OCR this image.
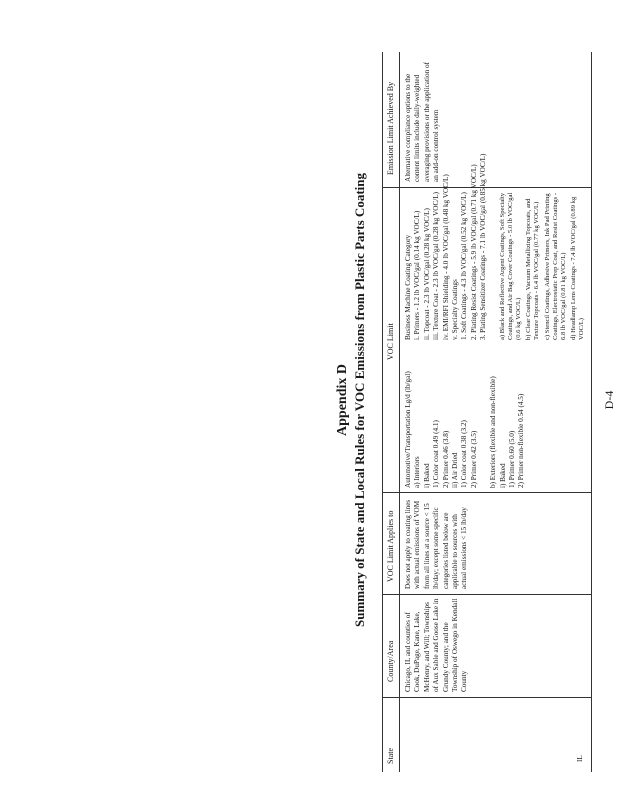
Appendix D Summary of State and Local Rules for VOC Emissions from Plastic Parts Coating
State
County/Area
VOC Limit Applies to
VOC Limit
Emission Limit Achieved By
IL
Chicago, IL and counties of Cook, DuPage, Kane, Lake, McHenry, and Will; Townships of Aux Sable and Goose Lake in Grundy County; and the Township of Oswego in Kendall County
Does not apply to coating lines with actual emissions of VOM from all lines at a source < 15 lb/day; except some specific categories listed below are applicable to sources with actual emissions < 15 lb/day
Automotive/Transportation Lg/d (lb/gal) a) Interiors i) Baked 1) Color coat 0.49 (4.1) 2) Primer 0.46 (3.8) ii) Air Dried 1) Color coat 0.38 (3.2) 2) Primer 0.42 (3.5) b) Exteriors (flexible and non-flexible) i) Baked 1) Primer 0.60 (5.0) 2) Primer non-flexible 0.54 (4.5)
Alternative compliance options to the content limits include daily-weighted averaging provisions or the application of an add-on control system
D-4
a) Black and Reflective Argent Coatings, Soft Specialty Coatings, and Air Bag Cover Coatings - 5.0 lb VOC/gal (0.6 kg VOC/L) b) Clear Coatings, Vacuum Metallizing Topcoats, and Texture Topcoats - 6.4 lb VOC/gal (0.77 kg VOC/L) c) Stencil Coatings, Adhesive Primers, Ink Pad Printing Coatings, Electrostatic Prep Coat, and Resist Coatings - 6.8 lb VOC/gal (0.81 kg VOC/L) d) Headlamp Lens Coatings - 7.4 lb VOC/gal (0.89 kg VOC/L)
Business Machine Coating Category i. Primers - 1.2 lb VOC/gal (0.14 kg VOC/L) ii. Topcoat - 2.3 lb VOC/gal (0.28 kg VOC/L) iii. Texture Coat - 2.3 lb VOC/gal (0.28 kg VOC/L) iv. EMI/RFI Shielding - 4.0 lb VOC/gal (0.48 kg VOC/L) v. Specialty Coatings 1. Soft Coatings - 4.3 lb VOC/gal (0.52 kg VOC/L) 2. Plating Resist Coatings - 5.9 lb VOC/gal (0.71 kg VOC/L) 3. Plating Sensitizer Coatings - 7.1 lb VOC/gal (0.85 kg VOC/L)
